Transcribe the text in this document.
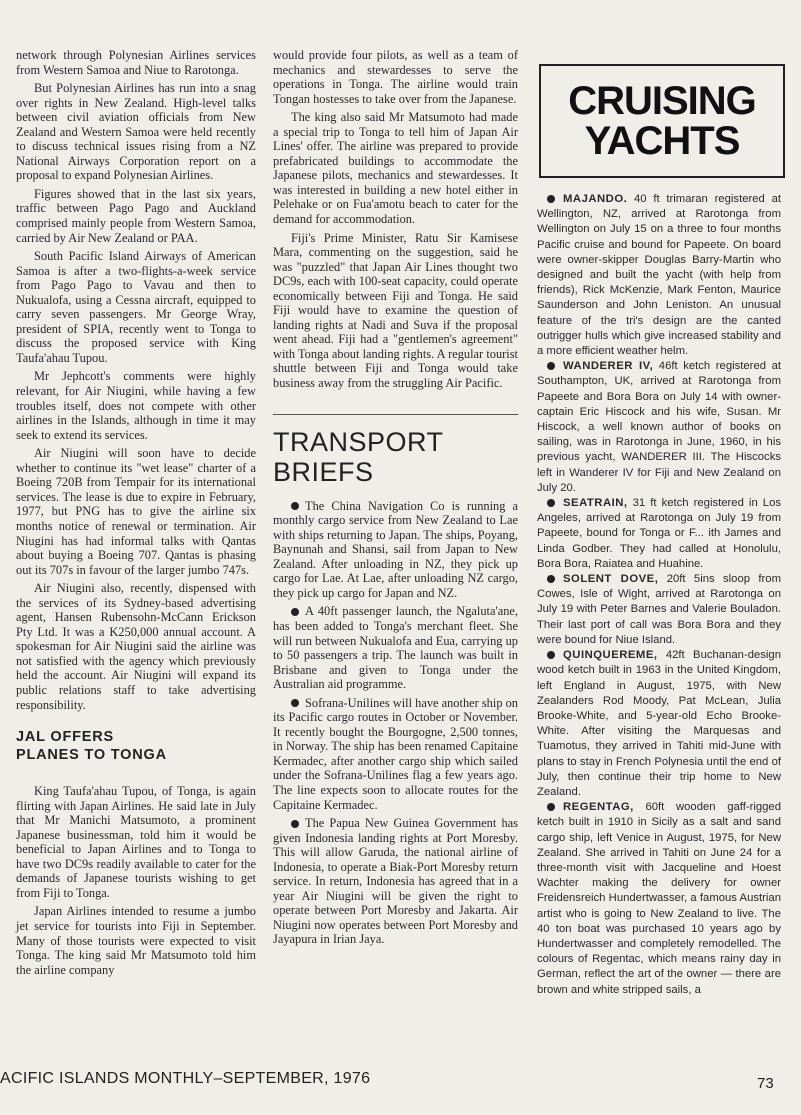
network through Polynesian Airlines services from Western Samoa and Niue to Rarotonga.

But Polynesian Airlines has run into a snag over rights in New Zealand. High-level talks between civil aviation officials from New Zealand and Western Samoa were held recently to discuss technical issues rising from a NZ National Airways Corporation report on a proposal to expand Polynesian Airlines.

Figures showed that in the last six years, traffic between Pago Pago and Auckland comprised mainly people from Western Samoa, carried by Air New Zealand or PAA.

South Pacific Island Airways of American Samoa is after a two-flights-a-week service from Pago Pago to Vavau and then to Nukualofa, using a Cessna aircraft, equipped to carry seven passengers. Mr George Wray, president of SPIA, recently went to Tonga to discuss the proposed service with King Taufa'ahau Tupou.

Mr Jephcott's comments were highly relevant, for Air Niugini, while having a few troubles itself, does not compete with other airlines in the Islands, although in time it may seek to extend its services.

Air Niugini will soon have to decide whether to continue its "wet lease" charter of a Boeing 720B from Tempair for its international services. The lease is due to expire in February, 1977, but PNG has to give the airline six months notice of renewal or termination. Air Niugini has had informal talks with Qantas about buying a Boeing 707. Qantas is phasing out its 707s in favour of the larger jumbo 747s.

Air Niugini also, recently, dispensed with the services of its Sydney-based advertising agent, Hansen Rubensohn-McCann Erickson Pty Ltd. It was a K250,000 annual account. A spokesman for Air Niugini said the airline was not satisfied with the agency which previously held the account. Air Niugini will expand its public relations staff to take advertising responsibility.

JAL OFFERS
PLANES TO TONGA

King Taufa'ahau Tupou, of Tonga, is again flirting with Japan Airlines. He said late in July that Mr Manichi Matsumoto, a prominent Japanese businessman, told him it would be beneficial to Japan Airlines and to Tonga to have two DC9s readily available to cater for the demands of Japanese tourists wishing to get from Fiji to Tonga.

Japan Airlines intended to resume a jumbo jet service for tourists into Fiji in September. Many of those tourists were expected to visit Tonga. The king said Mr Matsumoto told him the airline company

would provide four pilots, as well as a team of mechanics and stewardesses to serve the operations in Tonga. The airline would train Tongan hostesses to take over from the Japanese.

The king also said Mr Matsumoto had made a special trip to Tonga to tell him of Japan Air Lines' offer. The airline was prepared to provide prefabricated buildings to accommodate the Japanese pilots, mechanics and stewardesses. It was interested in building a new hotel either in Pelehake or on Fua'amotu beach to cater for the demand for accommodation.

Fiji's Prime Minister, Ratu Sir Kamisese Mara, commenting on the suggestion, said he was "puzzled" that Japan Air Lines thought two DC9s, each with 100-seat capacity, could operate economically between Fiji and Tonga. He said Fiji would have to examine the question of landing rights at Nadi and Suva if the proposal went ahead. Fiji had a "gentlemen's agreement" with Tonga about landing rights. A regular tourist shuttle between Fiji and Tonga would take business away from the struggling Air Pacific.

TRANSPORT BRIEFS

The China Navigation Co is running a monthly cargo service from New Zealand to Lae with ships returning to Japan. The ships, Poyang, Baynunah and Shansi, sail from Japan to New Zealand. After unloading in NZ, they pick up cargo for Lae. At Lae, after unloading NZ cargo, they pick up cargo for Japan and NZ.

A 40ft passenger launch, the Ngaluta'ane, has been added to Tonga's merchant fleet. She will run between Nukualofa and Eua, carrying up to 50 passengers a trip. The launch was built in Brisbane and given to Tonga under the Australian aid programme.

Sofrana-Unilines will have another ship on its Pacific cargo routes in October or November. It recently bought the Bourgogne, 2,500 tonnes, in Norway. The ship has been renamed Capitaine Kermadec, after another cargo ship which sailed under the Sofrana-Unilines flag a few years ago. The line expects soon to allocate routes for the Capitaine Kermadec.

The Papua New Guinea Government has given Indonesia landing rights at Port Moresby. This will allow Garuda, the national airline of Indonesia, to operate a Biak-Port Moresby return service. In return, Indonesia has agreed that in a year Air Niugini will be given the right to operate between Port Moresby and Jakarta. Air Niugini now operates between Port Moresby and Jayapura in Irian Jaya.

CRUISING
YACHTS

MAJANDO. 40 ft trimaran registered at Wellington, NZ, arrived at Rarotonga from Wellington on July 15 on a three to four months Pacific cruise and bound for Papeete. On board were owner-skipper Douglas Barry-Martin who designed and built the yacht (with help from friends), Rick McKenzie, Mark Fenton, Maurice Saunderson and John Leniston. An unusual feature of the tri's design are the canted outrigger hulls which give increased stability and a more efficient weather helm.

WANDERER IV, 46ft ketch registered at Southampton, UK, arrived at Rarotonga from Papeete and Bora Bora on July 14 with owner-captain Eric Hiscock and his wife, Susan. Mr Hiscock, a well known author of books on sailing, was in Rarotonga in June, 1960, in his previous yacht, WANDERER III. The Hiscocks left in Wanderer IV for Fiji and New Zealand on July 20.

SEATRAIN, 31 ft ketch registered in Los Angeles, arrived at Rarotonga on July 19 from Papeete, bound for Tonga or F... ith James and Linda Godber. They had called at Honolulu, Bora Bora, Raiatea and Huahine.

SOLENT DOVE, 20ft 5ins sloop from Cowes, Isle of Wight, arrived at Rarotonga on July 19 with Peter Barnes and Valerie Bouladon. Their last port of call was Bora Bora and they were bound for Niue Island.

QUINQUEREME, 42ft Buchanan-design wood ketch built in 1963 in the United Kingdom, left England in August, 1975, with New Zealanders Rod Moody, Pat McLean, Julia Brooke-White, and 5-year-old Echo Brooke-White. After visiting the Marquesas and Tuamotus, they arrived in Tahiti mid-June with plans to stay in French Polynesia until the end of July, then continue their trip home to New Zealand.

REGENTAG, 60ft wooden gaff-rigged ketch built in 1910 in Sicily as a salt and sand cargo ship, left Venice in August, 1975, for New Zealand. She arrived in Tahiti on June 24 for a three-month visit with Jacqueline and Hoest Wachter making the delivery for owner Freidensreich Hundertwasser, a famous Austrian artist who is going to New Zealand to live. The 40 ton boat was purchased 10 years ago by Hundertwasser and completely remodelled. The colours of Regentac, which means rainy day in German, reflect the art of the owner — there are brown and white stripped sails, a

ACIFIC ISLANDS MONTHLY–SEPTEMBER, 1976	73
